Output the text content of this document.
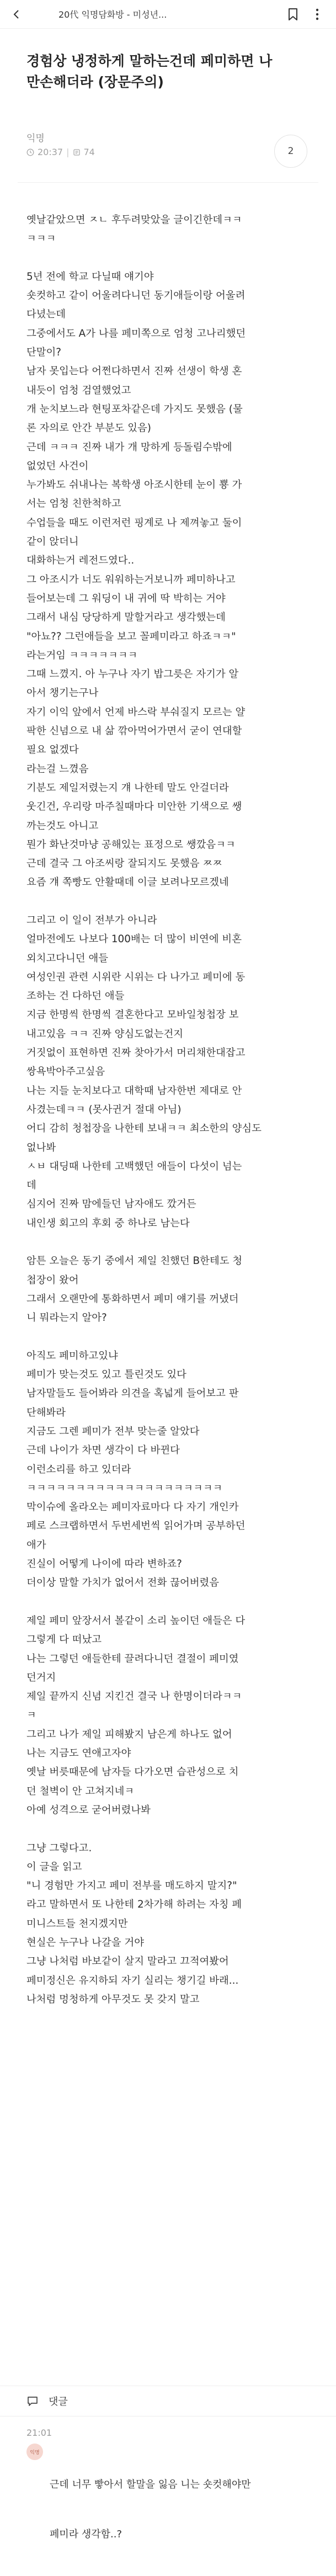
20代 익명담화방 - 미성년...
경험상 냉정하게 말하는건데 페미하면 나
만손해더라 (장문주의)
익명
20:37 | 74	2
옛날같았으면 ㅈㄴ 후두려맞았을 글이긴한데ㅋㅋ
ㅋㅋㅋ
5년 전에 학교 다닐때 얘기야
숏컷하고 같이 어울려다니던 동기애들이랑 어울려
다녔는데
그중에서도 A가 나를 페미쪽으로 엄청 고나리했던
단말이?
남자 못입는다 어쩐다하면서 진짜 선생이 학생 혼
내듯이 엄청 검열했었고
개 눈치보느라 현팅포차같은데 가지도 못했음 (물
론 자의로 안간 부분도 있음)
근데 ㅋㅋㅋ 진짜 내가 개 망하게 등돌림수밖에
없었던 사건이
누가봐도 쉬내나는 복학생 아조시한테 눈이 뿅 가
서는 엄청 친한척하고
수업들을 때도 이런저런 핑계로 나 제껴놓고 둘이
같이 앉더니
대화하는거 레전드였다..
그 아조시가 너도 워워하는거보니까 페미하나고
들어보는데 그 워딩이 내 귀에 딱 박히는 거야
그래서 내심 당당하게 말할거라고 생각했는데
"아뇨?? 그런애들을 보고 꼴페미라고 하죠ㅋㅋ"
라는거임 ㅋㅋㅋㅋㅋㅋㅋ
그때 느꼈지. 아 누구나 자기 밥그릇은 자기가 알
아서 챙기는구나
자기 이익 앞에서 언제 바스락 부숴질지 모르는 얄
팍한 신념으로 내 삶 깎아먹어가면서 굳이 연대할
필요 없겠다
라는걸 느꼈음
기분도 제일저렸는지 걔 나한테 말도 안걸더라
웃긴건, 우리랑 마주칠때마다 미안한 기색으로 쌩
까는것도 아니고
뭔가 화난것마냥 공해있는 표정으로 쌩깠음ㅋㅋ
근데 결국 그 아조씨랑 잘되지도 못했음 ㅉㅉ
요즘 걔 쪽빵도 안활때데 이글 보려나모르겠네
그리고 이 일이 전부가 아니라
얼마전에도 나보다 100배는 더 많이 비연에 비혼
외치고다니던 애들
여성인권 관련 시위란 시위는 다 나가고 페미에 동
조하는 건 다하던 애들
지금 한명씩 한명씩 결혼한다고 모바일청첩장 보
내고있음 ㅋㅋ 진짜 양심도없는건지
거짓없이 표현하면 진짜 찾아가서 머리채한대잡고
쌍욕박아주고싶음
나는 지들 눈치보다고 대학때 남자한번 제대로 안
사겼는데ㅋㅋ (못사귄거 절대 아님)
어디 감히 청첩장을 나한테 보내ㅋㅋ 최소한의 양심도
없나봐
ㅅㅂ 대딩때 나한테 고백했던 애들이 다섯이 넘는
데
심지어 진짜 맘에들던 남자애도 깠거든
내인생 회고의 후회 중 하나로 남는다
암튼 오늘은 동기 중에서 제일 친했던 B한테도 청
첩장이 왔어
그래서 오랜만에 통화하면서 페미 얘기를 꺼냈더
니 뭐라는지 알아?
아직도 페미하고있냐
페미가 맞는것도 있고 틀린것도 있다
남자말들도 들어봐라 의견을 혹넓게 들어보고 판
단해봐라
지금도 그렌 페미가 전부 맞는줄 알았다
근데 나이가 차면 생각이 다 바뀐다
이런소리를 하고 있더라
ㅋㅋㅋㅋㅋㅋㅋㅋㅋㅋㅋㅋㅋㅋㅋㅋㅋㅋㅋㅋ
막이슈에 올라오는 페미자료마다 다 자기 개인카
페로 스크랩하면서 두번세번씩 읽어가며 공부하던
애가
진실이 어떻게 나이에 따라 변하죠?
더이상 말할 가치가 없어서 전화 끊어버렸음
제일 페미 앞장서서 볼같이 소리 높이던 애들은 다
그렇게 다 떠났고
나는 그렇던 애들한테 끌려다니던 결절이 페미였
던거지
제일 끝까지 신념 지킨건 결국 나 한명이더라ㅋㅋ
ㅋ
그리고 나가 제일 피해봤지 남은게 하나도 없어
나는 지금도 연애고자야
옛날 버릇때문에 남자들 다가오면 습관성으로 치
던 철벽이 안 고쳐지네ㅋ
아예 성격으로 굳어버렸나봐
그냥 그렇다고.
이 글을 읽고
"니 경험만 가지고 페미 전부를 매도하지 말지?"
라고 말하면서 또 나한테 2차가해 하려는 자칭 페
미니스트들 천지겠지만
현실은 누구나 나갈을 거야
그냥 나처럼 바보같이 살지 말라고 끄적여봤어
페미정신은 유지하되 자기 실리는 챙기길 바래...
나처럼 멍청하게 아무것도 못 갖지 말고
댓글
21:01
익명

근데 너무 빻아서 할말을 잃음 니는 숏컷해야만

페미라 생각함..?
